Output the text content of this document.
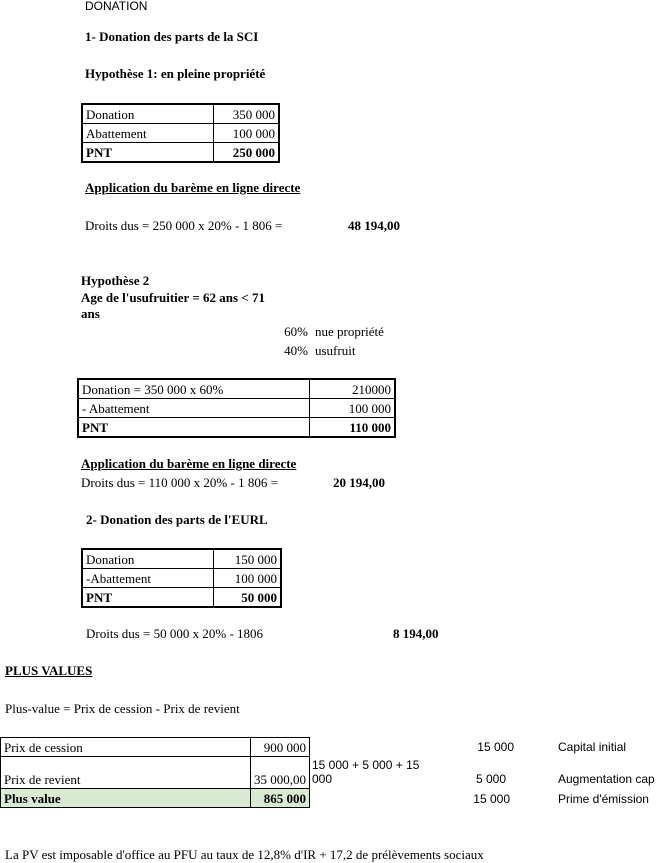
DONATION
1- Donation des parts de la SCI
Hypothèse 1: en pleine propriété
Donation	350 000
Abattement	100 000
PNT	250 000
Application du barème en ligne directe
Droits dus = 250 000 x 20% - 1 806 =	48 194,00
Hypothèse 2
Age de l'usufruitier = 62 ans < 71
ans
60% nue propriété
40% usufruit
Donation = 350 000 x 60%	210000
- Abattement	100 000
PNT	110 000
Application du barème en ligne directe
Droits dus = 110 000 x 20% - 1 806 =	20 194,00
2- Donation des parts de l'EURL
Donation	150 000
-Abattement	100 000
PNT	50 000
Droits dus = 50 000 x 20% - 1806	8 194,00
PLUS VALUES
Plus-value = Prix de cession - Prix de revient
Prix de cession	900 000
Prix de revient	35 000,00
Plus value	865 000
15 000 + 5 000 + 15
000
15 000	Capital initial
5 000	Augmentation cap
15 000	Prime d'émission
La PV est imposable d'office au PFU au taux de 12,8% d'IR + 17,2 de prélèvements sociaux
